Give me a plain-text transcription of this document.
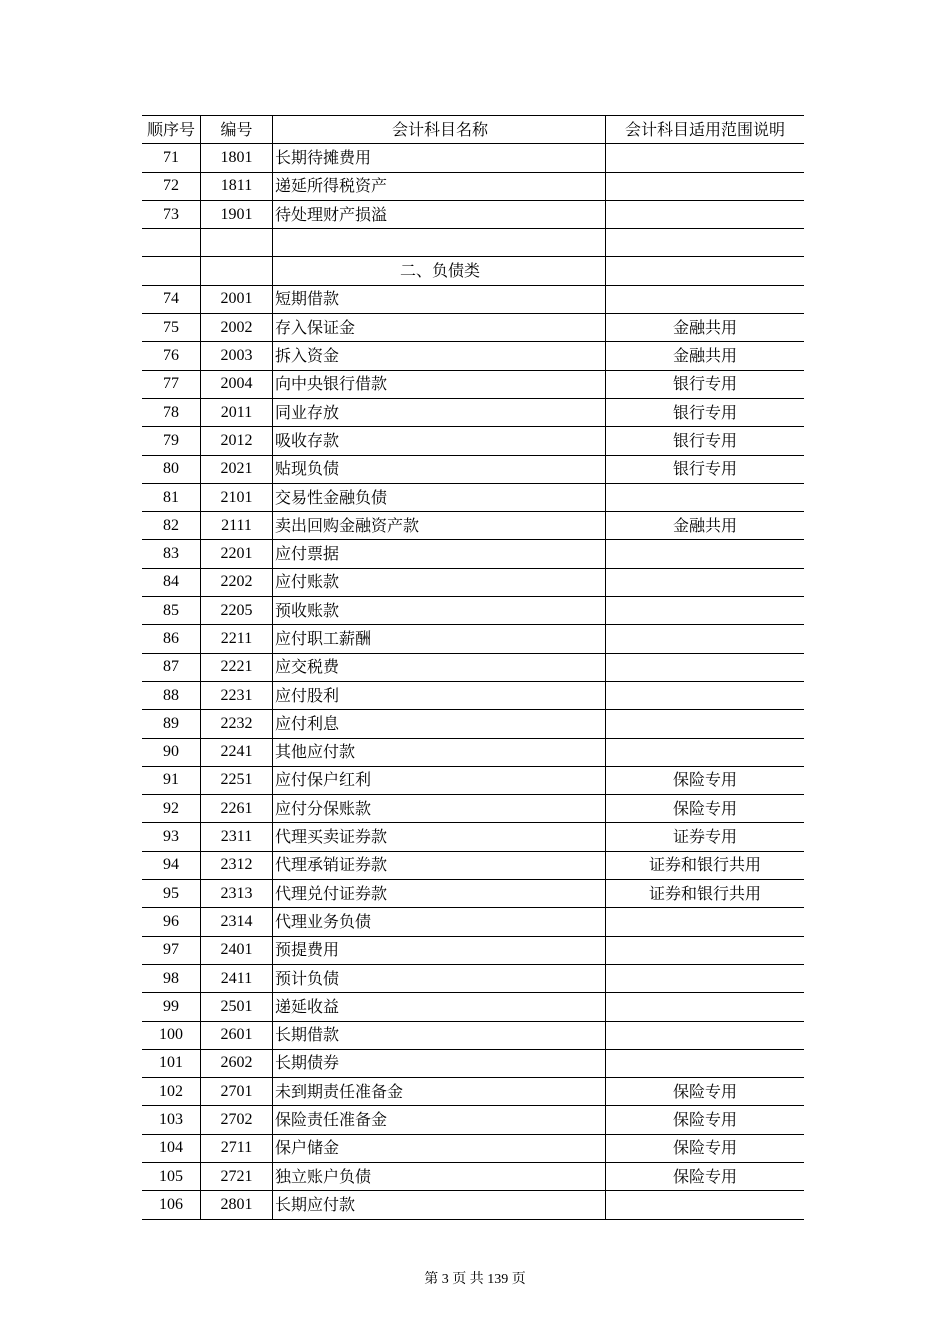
顺序号	编号	会计科目名称	会计科目适用范围说明
71	1801	长期待摊费用	
72	1811	递延所得税资产	
73	1901	待处理财产损溢	

		二、负债类	
74	2001	短期借款	
75	2002	存入保证金	金融共用
76	2003	拆入资金	金融共用
77	2004	向中央银行借款	银行专用
78	2011	同业存放	银行专用
79	2012	吸收存款	银行专用
80	2021	贴现负债	银行专用
81	2101	交易性金融负债	
82	2111	卖出回购金融资产款	金融共用
83	2201	应付票据	
84	2202	应付账款	
85	2205	预收账款	
86	2211	应付职工薪酬	
87	2221	应交税费	
88	2231	应付股利	
89	2232	应付利息	
90	2241	其他应付款	
91	2251	应付保户红利	保险专用
92	2261	应付分保账款	保险专用
93	2311	代理买卖证券款	证券专用
94	2312	代理承销证券款	证券和银行共用
95	2313	代理兑付证券款	证券和银行共用
96	2314	代理业务负债	
97	2401	预提费用	
98	2411	预计负债	
99	2501	递延收益	
100	2601	长期借款	
101	2602	长期债券	
102	2701	未到期责任准备金	保险专用
103	2702	保险责任准备金	保险专用
104	2711	保户储金	保险专用
105	2721	独立账户负债	保险专用
106	2801	长期应付款	
第 3 页 共 139 页
